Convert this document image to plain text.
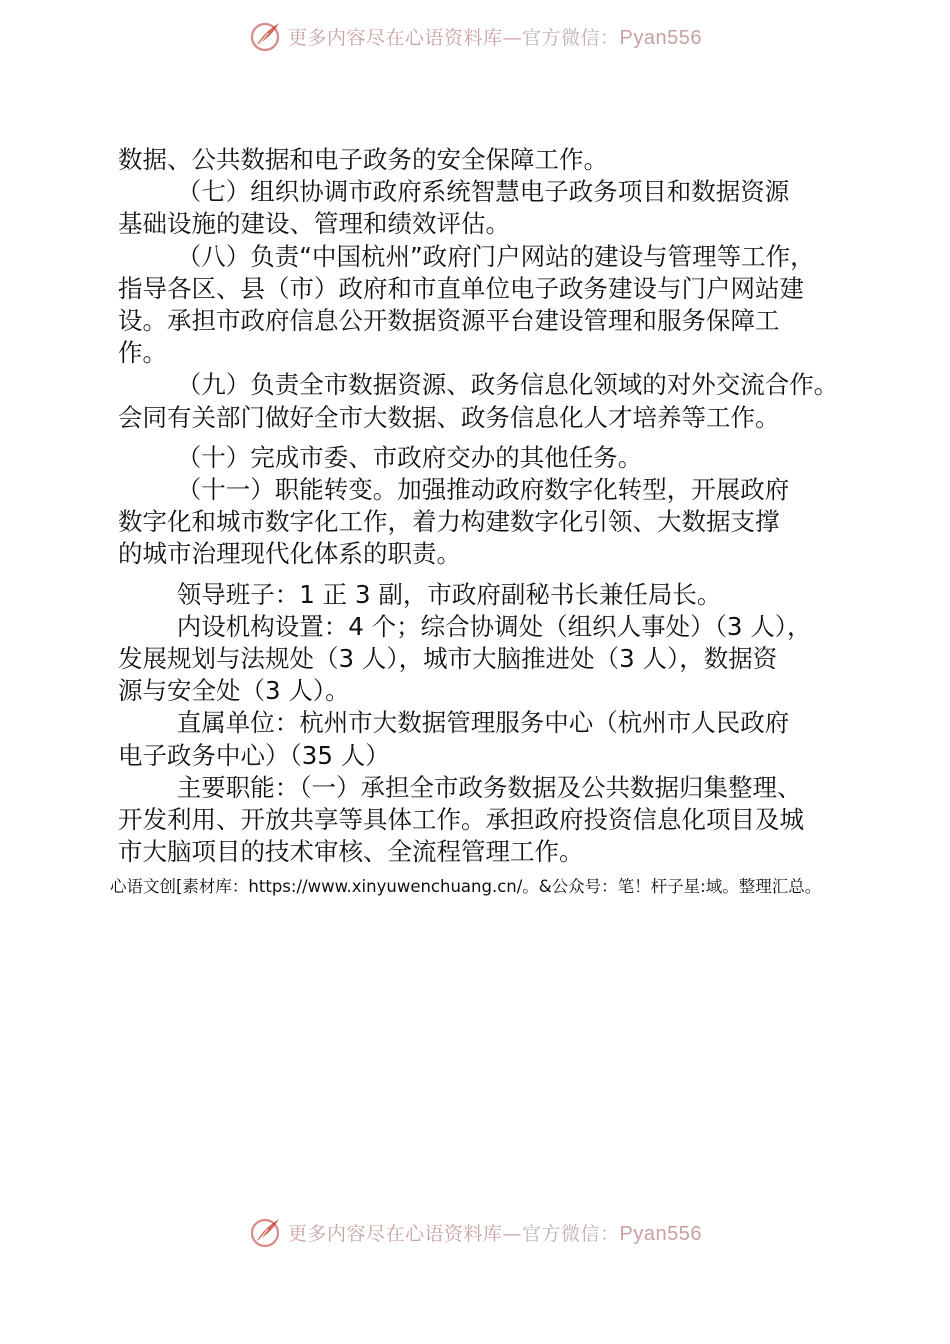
更多内容尽在心语资料库—官方微信：Pyan556

数据、公共数据和电子政务的安全保障工作。

（七）组织协调市政府系统智慧电子政务项目和数据资源

基础设施的建设、管理和绩效评估。

（八）负责“中国杭州”政府门户网站的建设与管理等工作，

指导各区、县（市）政府和市直单位电子政务建设与门户网站建

设。承担市政府信息公开数据资源平台建设管理和服务保障工

作。

（九）负责全市数据资源、政务信息化领域的对外交流合作。

会同有关部门做好全市大数据、政务信息化人才培养等工作。

（十）完成市委、市政府交办的其他任务。

（十一）职能转变。加强推动政府数字化转型，开展政府

数字化和城市数字化工作，着力构建数字化引领、大数据支撑

的城市治理现代化体系的职责。

领导班子：1 正 3 副，市政府副秘书长兼任局长。

内设机构设置：4 个；综合协调处（组织人事处）（3 人），

发展规划与法规处（3 人），城市大脑推进处（3 人），数据资

源与安全处（3 人）。

直属单位：杭州市大数据管理服务中心（杭州市人民政府

电子政务中心）（35 人）

主要职能：（一）承担全市政务数据及公共数据归集整理、

开发利用、开放共享等具体工作。承担政府投资信息化项目及城

市大脑项目的技术审核、全流程管理工作。

心语文创[素材库：https://www.xinyuwenchuang.cn/。&公众号：笔！杆子星:域。整理汇总。
更多内容尽在心语资料库—官方微信：Pyan556
